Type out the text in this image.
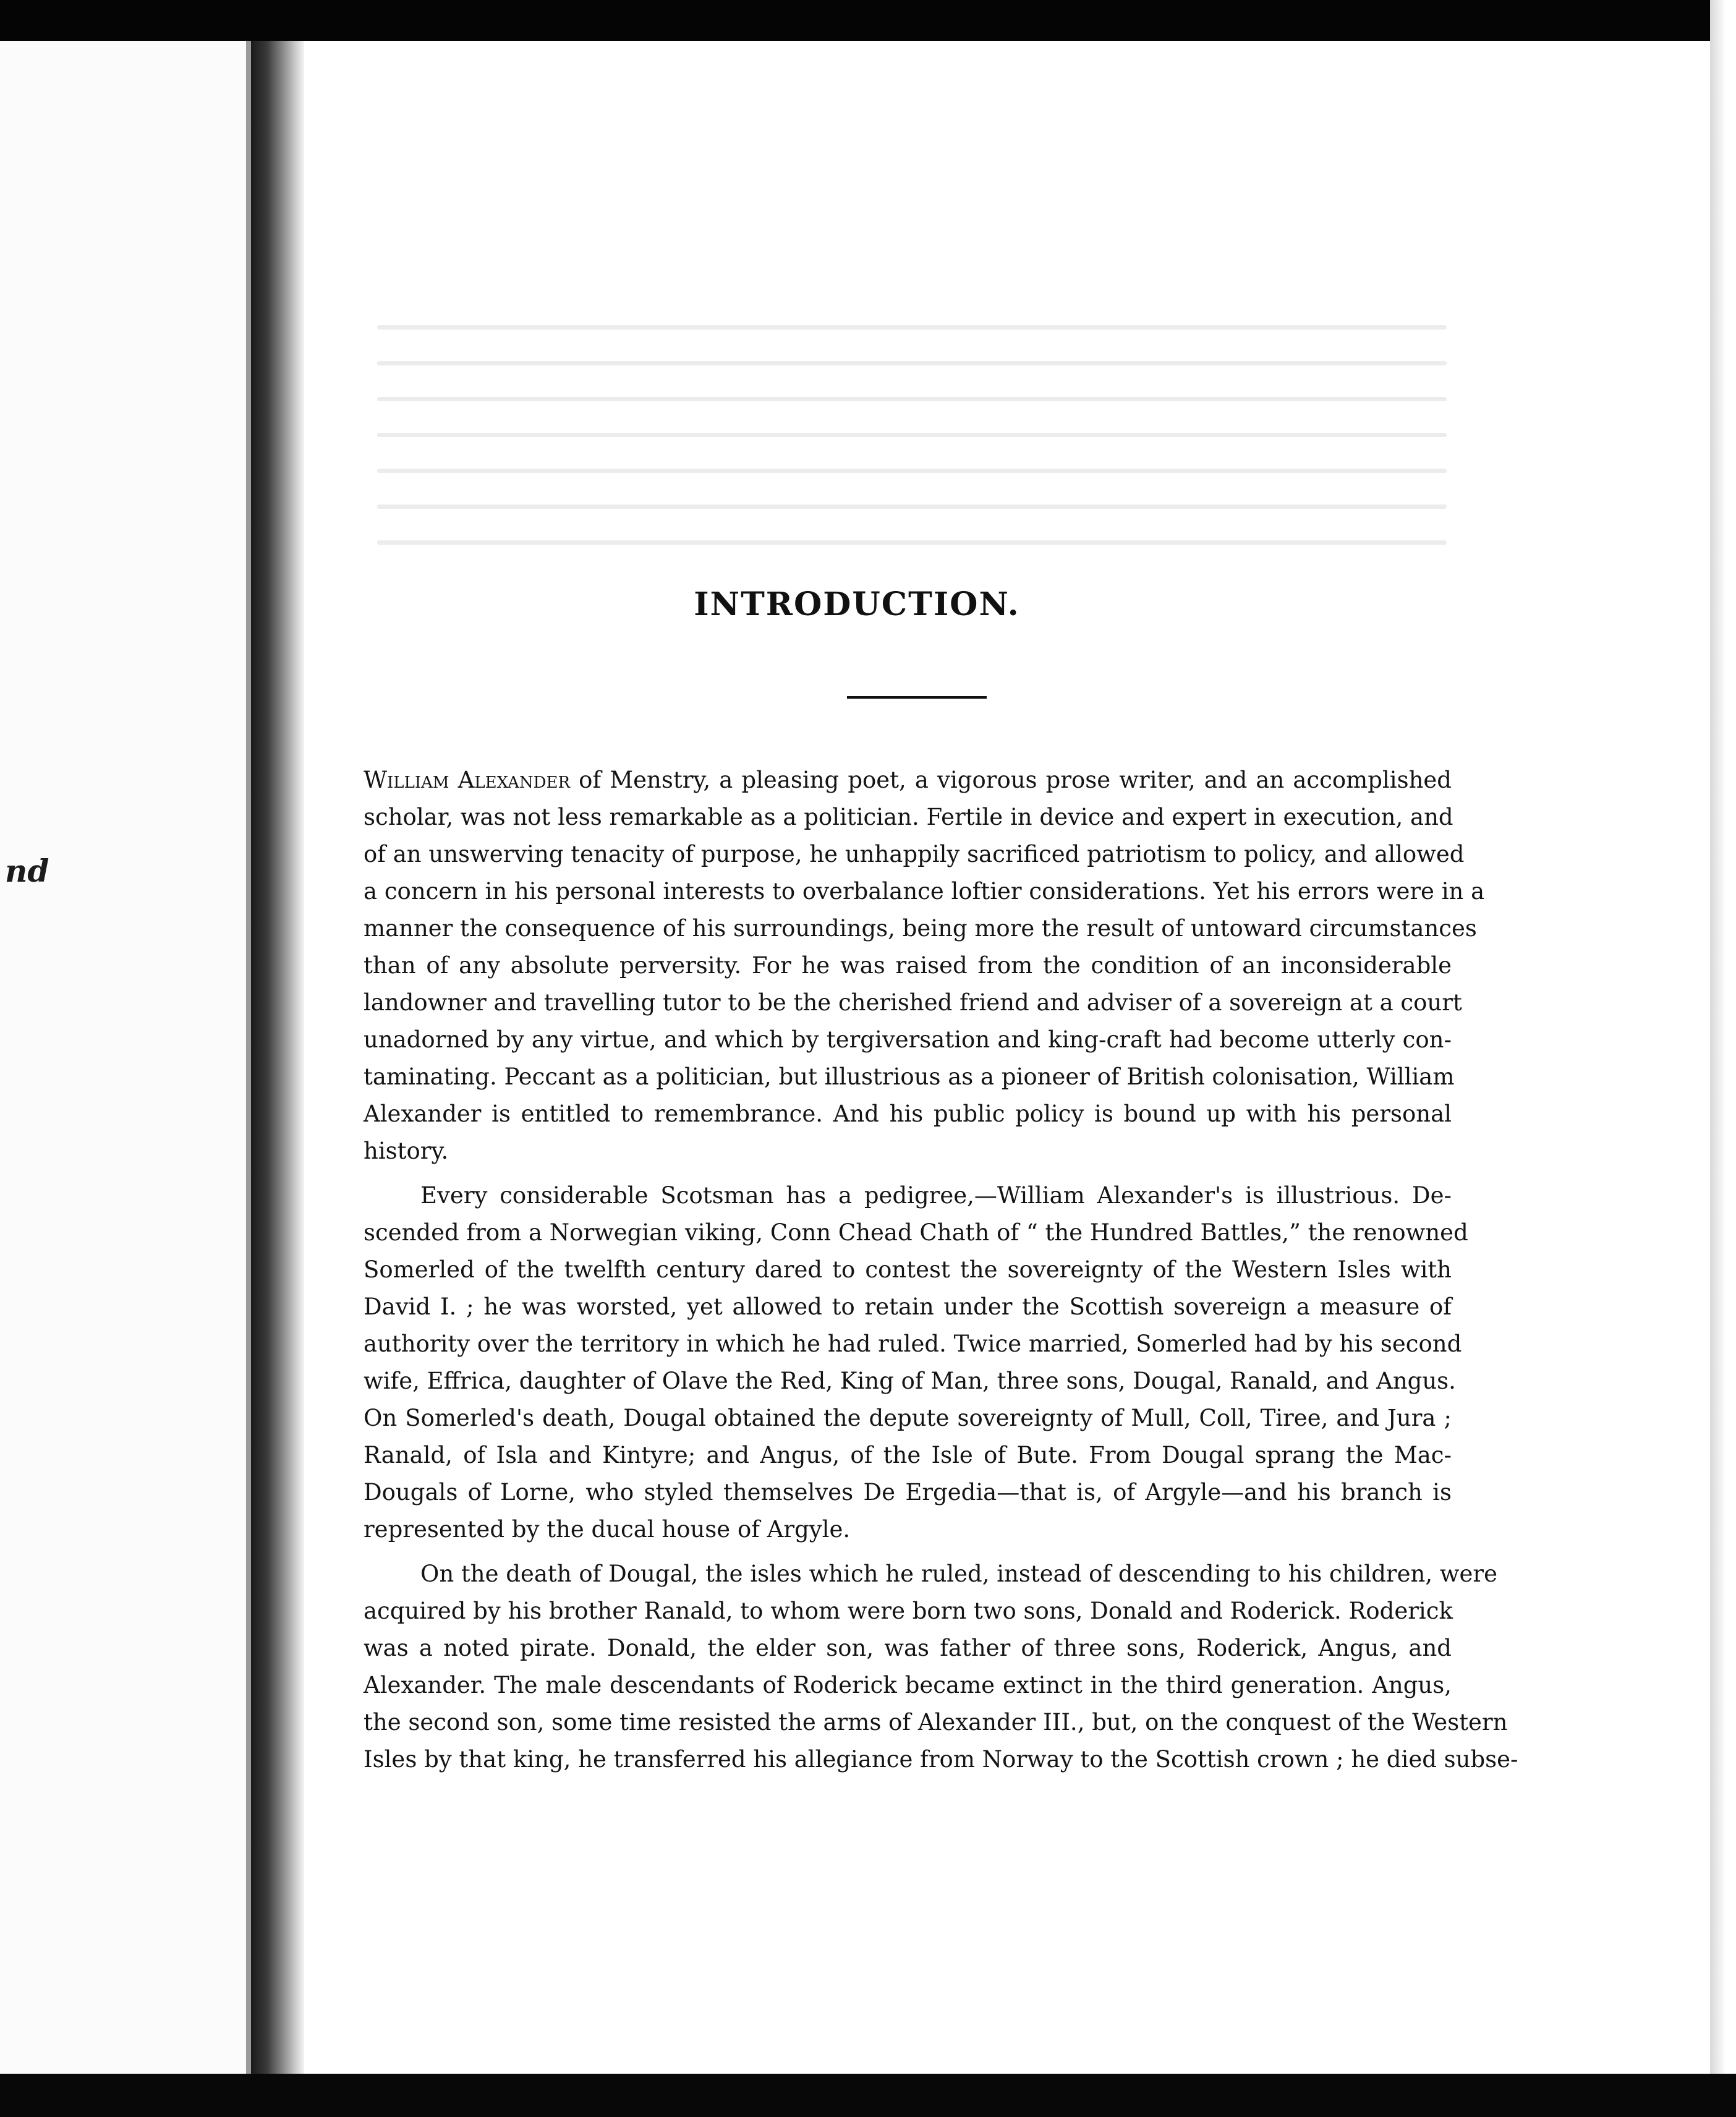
nd
INTRODUCTION.
William Alexander of Menstry, a pleasing poet, a vigorous prose writer, and an accomplished
scholar, was not less remarkable as a politician. Fertile in device and expert in execution, and
of an unswerving tenacity of purpose, he unhappily sacrificed patriotism to policy, and allowed
a concern in his personal interests to overbalance loftier considerations. Yet his errors were in a
manner the consequence of his surroundings, being more the result of untoward circumstances
than of any absolute perversity. For he was raised from the condition of an inconsiderable
landowner and travelling tutor to be the cherished friend and adviser of a sovereign at a court
unadorned by any virtue, and which by tergiversation and king-craft had become utterly con-
taminating. Peccant as a politician, but illustrious as a pioneer of British colonisation, William
Alexander is entitled to remembrance. And his public policy is bound up with his personal
history.
Every considerable Scotsman has a pedigree,—William Alexander's is illustrious. De-
scended from a Norwegian viking, Conn Chead Chath of “ the Hundred Battles,” the renowned
Somerled of the twelfth century dared to contest the sovereignty of the Western Isles with
David I. ; he was worsted, yet allowed to retain under the Scottish sovereign a measure of
authority over the territory in which he had ruled. Twice married, Somerled had by his second
wife, Effrica, daughter of Olave the Red, King of Man, three sons, Dougal, Ranald, and Angus.
On Somerled's death, Dougal obtained the depute sovereignty of Mull, Coll, Tiree, and Jura ;
Ranald, of Isla and Kintyre; and Angus, of the Isle of Bute. From Dougal sprang the Mac-
Dougals of Lorne, who styled themselves De Ergedia—that is, of Argyle—and his branch is
represented by the ducal house of Argyle.
On the death of Dougal, the isles which he ruled, instead of descending to his children, were
acquired by his brother Ranald, to whom were born two sons, Donald and Roderick. Roderick
was a noted pirate. Donald, the elder son, was father of three sons, Roderick, Angus, and
Alexander. The male descendants of Roderick became extinct in the third generation. Angus,
the second son, some time resisted the arms of Alexander III., but, on the conquest of the Western
Isles by that king, he transferred his allegiance from Norway to the Scottish crown ; he died subse-
